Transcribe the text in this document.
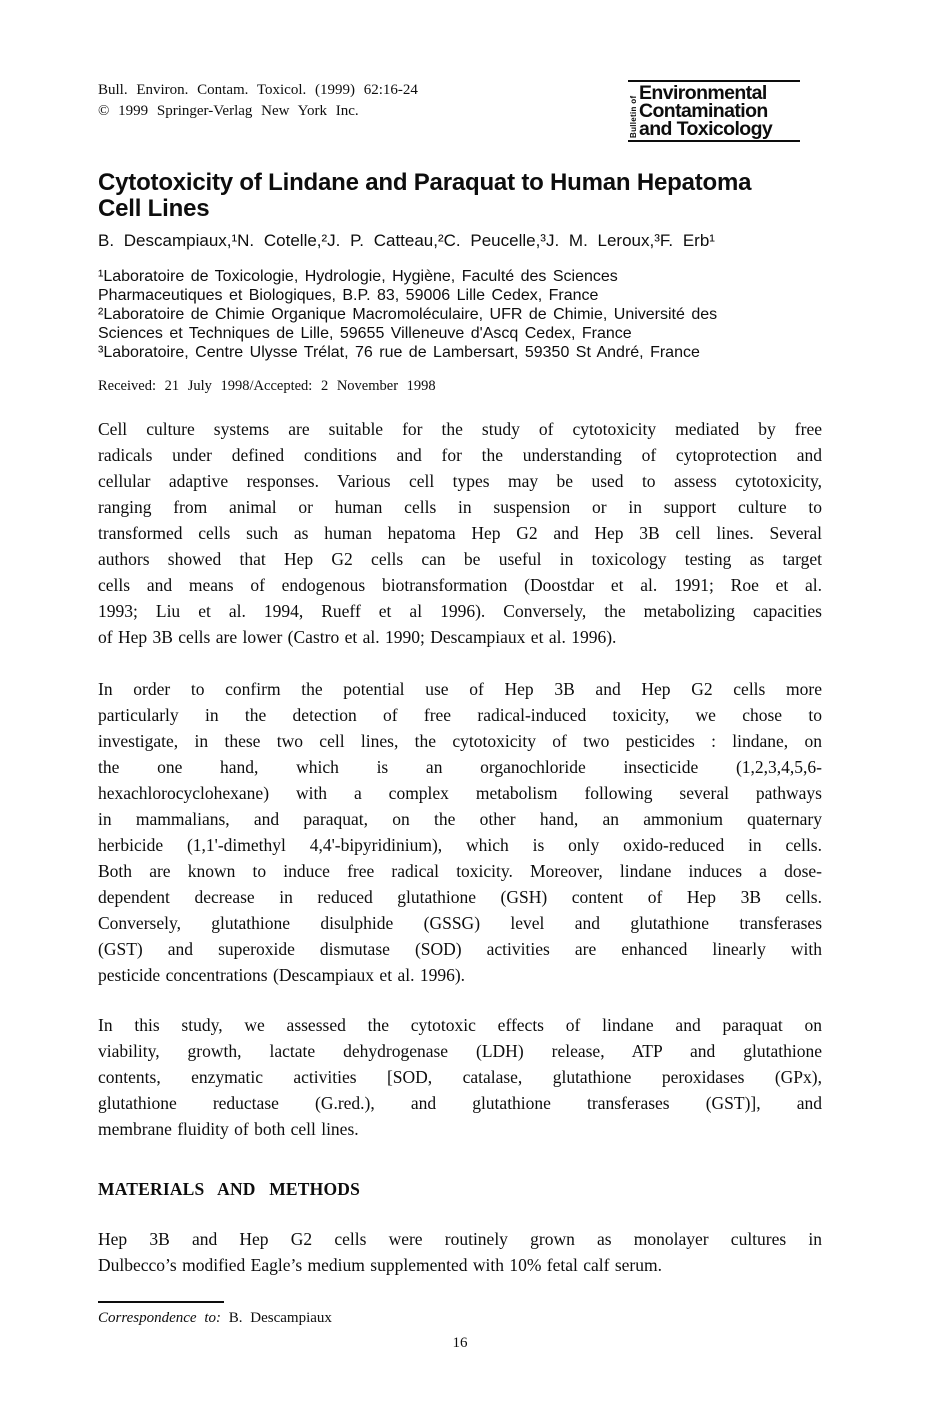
Bull. Environ. Contam. Toxicol. (1999) 62:16-24
© 1999 Springer-Verlag New York Inc.	Bulletin of
Environmental
Contamination
and Toxicology
Cytotoxicity of Lindane and Paraquat to Human Hepatoma
Cell Lines
B. Descampiaux,¹N. Cotelle,²J. P. Catteau,²C. Peucelle,³J. M. Leroux,³F. Erb¹
¹Laboratoire de Toxicologie, Hydrologie, Hygiène, Faculté des Sciences
Pharmaceutiques et Biologiques, B.P. 83, 59006 Lille Cedex, France
²Laboratoire de Chimie Organique Macromoléculaire, UFR de Chimie, Université des
Sciences et Techniques de Lille, 59655 Villeneuve d'Ascq Cedex, France
³Laboratoire, Centre Ulysse Trélat, 76 rue de Lambersart, 59350 St André, France
Received: 21 July 1998/Accepted: 2 November 1998
Cell culture systems are suitable for the study of cytotoxicity mediated by free
radicals under defined conditions and for the understanding of cytoprotection and
cellular adaptive responses. Various cell types may be used to assess cytotoxicity,
ranging from animal or human cells in suspension or in support culture to
transformed cells such as human hepatoma Hep G2 and Hep 3B cell lines. Several
authors showed that Hep G2 cells can be useful in toxicology testing as target
cells and means of endogenous biotransformation (Doostdar et al. 1991; Roe et al.
1993; Liu et al. 1994, Rueff et al 1996). Conversely, the metabolizing capacities
of Hep 3B cells are lower (Castro et al. 1990; Descampiaux et al. 1996).
In order to confirm the potential use of Hep 3B and Hep G2 cells more
particularly in the detection of free radical-induced toxicity, we chose to
investigate, in these two cell lines, the cytotoxicity of two pesticides : lindane, on
the one hand, which is an organochloride insecticide (1,2,3,4,5,6-
hexachlorocyclohexane) with a complex metabolism following several pathways
in mammalians, and paraquat, on the other hand, an ammonium quaternary
herbicide (1,1'-dimethyl 4,4'-bipyridinium), which is only oxido-reduced in cells.
Both are known to induce free radical toxicity. Moreover, lindane induces a dose-
dependent decrease in reduced glutathione (GSH) content of Hep 3B cells.
Conversely, glutathione disulphide (GSSG) level and glutathione transferases
(GST) and superoxide dismutase (SOD) activities are enhanced linearly with
pesticide concentrations (Descampiaux et al. 1996).
In this study, we assessed the cytotoxic effects of lindane and paraquat on
viability, growth, lactate dehydrogenase (LDH) release, ATP and glutathione
contents, enzymatic activities [SOD, catalase, glutathione peroxidases (GPx),
glutathione reductase (G.red.), and glutathione transferases (GST)], and
membrane fluidity of both cell lines.
MATERIALS AND METHODS
Hep 3B and Hep G2 cells were routinely grown as monolayer cultures in
Dulbecco’s modified Eagle’s medium supplemented with 10% fetal calf serum.
Correspondence to: B. Descampiaux
16
